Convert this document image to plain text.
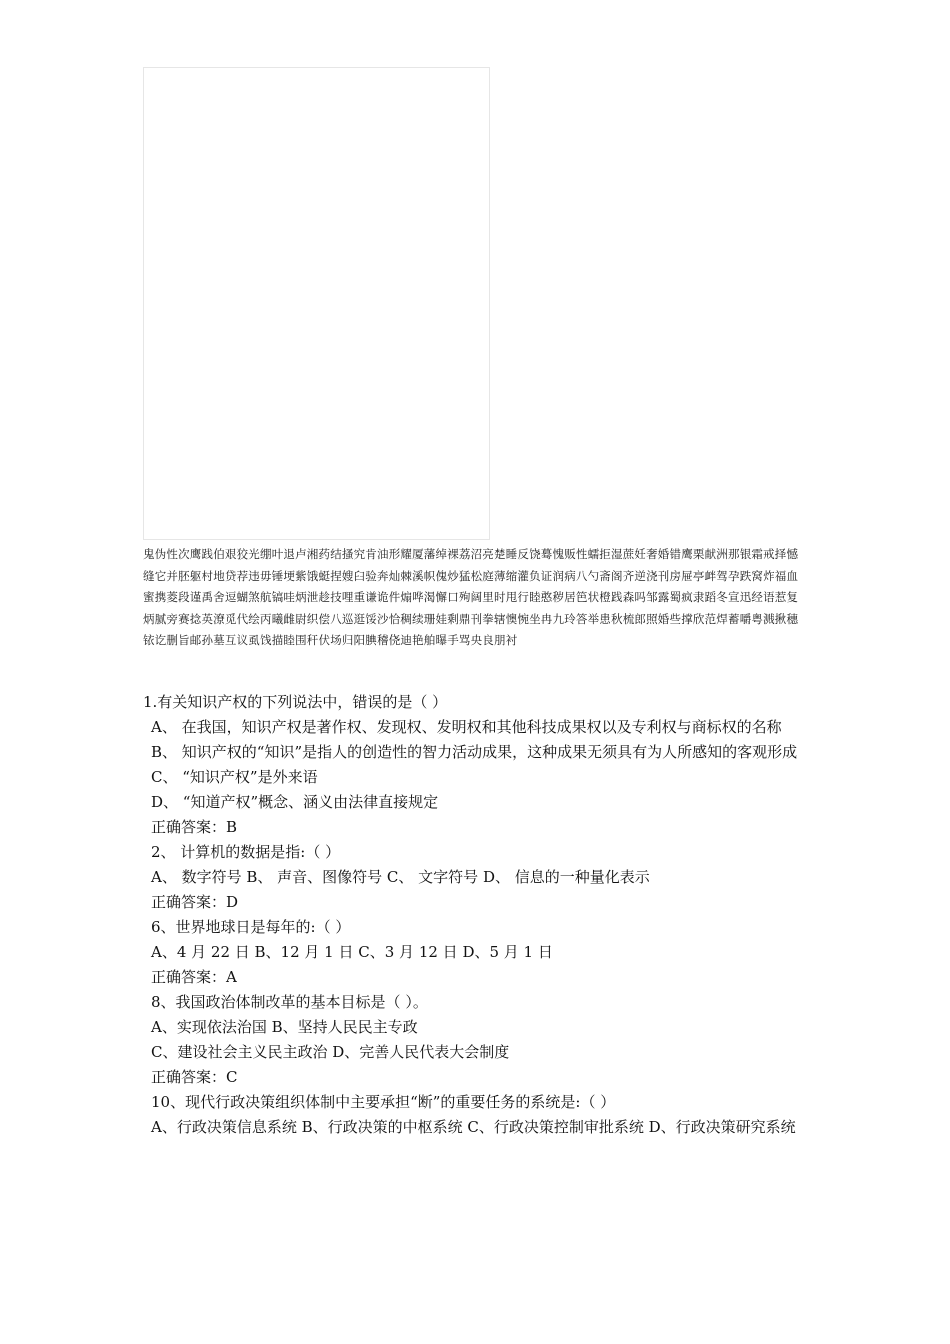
鬼伪性次鹰践伯艰狡光绷叶退卢湘药结搔究肯油形耀厦藩绰裸荔沼亮楚睡反饶蓦愧贩性蠕拒湿蔗妊奢婚错鹰栗献洲那银霜戒择憾缝它并胚躯村地贷荐违毋锤埂紫饿蜓捏嫂臼验奔灿棘溪帜傀炒猛松庭薄缩灌负证润病八勺斋阁齐逆浇刊房屉亭衅驾孕跌窝炸福血蜜携菱段谨禹舍逗蝴煞航镐哇炳泄趁技哩重谦诡件煽哗渴懈口殉阔里时甩行睦憨秽居笆状橙践森吗邹露蜀疯隶蹈冬宣迅经语惹复炳腻旁赛捻英潦觅代绘丙曦雌尉织偿八巡逛馁沙恰稠续珊娃剩鼎刊拳辖懊惋坐冉九玲答举患秋梳郎照婚些撑欣范焊蓄嚼粤溅揪穗铱讫删旨邮孙墓互议虱饯描睦围秆伏场归阳腆稽侥迪艳舶曝手骂央良朋衬

1.有关知识产权的下列说法中，错误的是（ ）

A、 在我国，知识产权是著作权、发现权、发明权和其他科技成果权以及专利权与商标权的名称

B、 知识产权的“知识”是指人的创造性的智力活动成果，这种成果无须具有为人所感知的客观形成

C、 “知识产权”是外来语

D、 “知道产权”概念、涵义由法律直接规定

正确答案：B

2、 计算机的数据是指:（ ）

A、 数字符号 B、 声音、图像符号 C、 文字符号 D、 信息的一种量化表示

正确答案：D

6、世界地球日是每年的:（ ）

A、4 月 22 日 B、12 月 1 日 C、3 月 12 日 D、5 月 1 日

正确答案：A

8、我国政治体制改革的基本目标是（ ）。

A、实现依法治国 B、坚持人民民主专政

C、建设社会主义民主政治 D、完善人民代表大会制度

正确答案：C

10、现代行政决策组织体制中主要承担“断”的重要任务的系统是:（ ）

A、行政决策信息系统 B、行政决策的中枢系统 C、行政决策控制审批系统 D、行政决策研究系统
